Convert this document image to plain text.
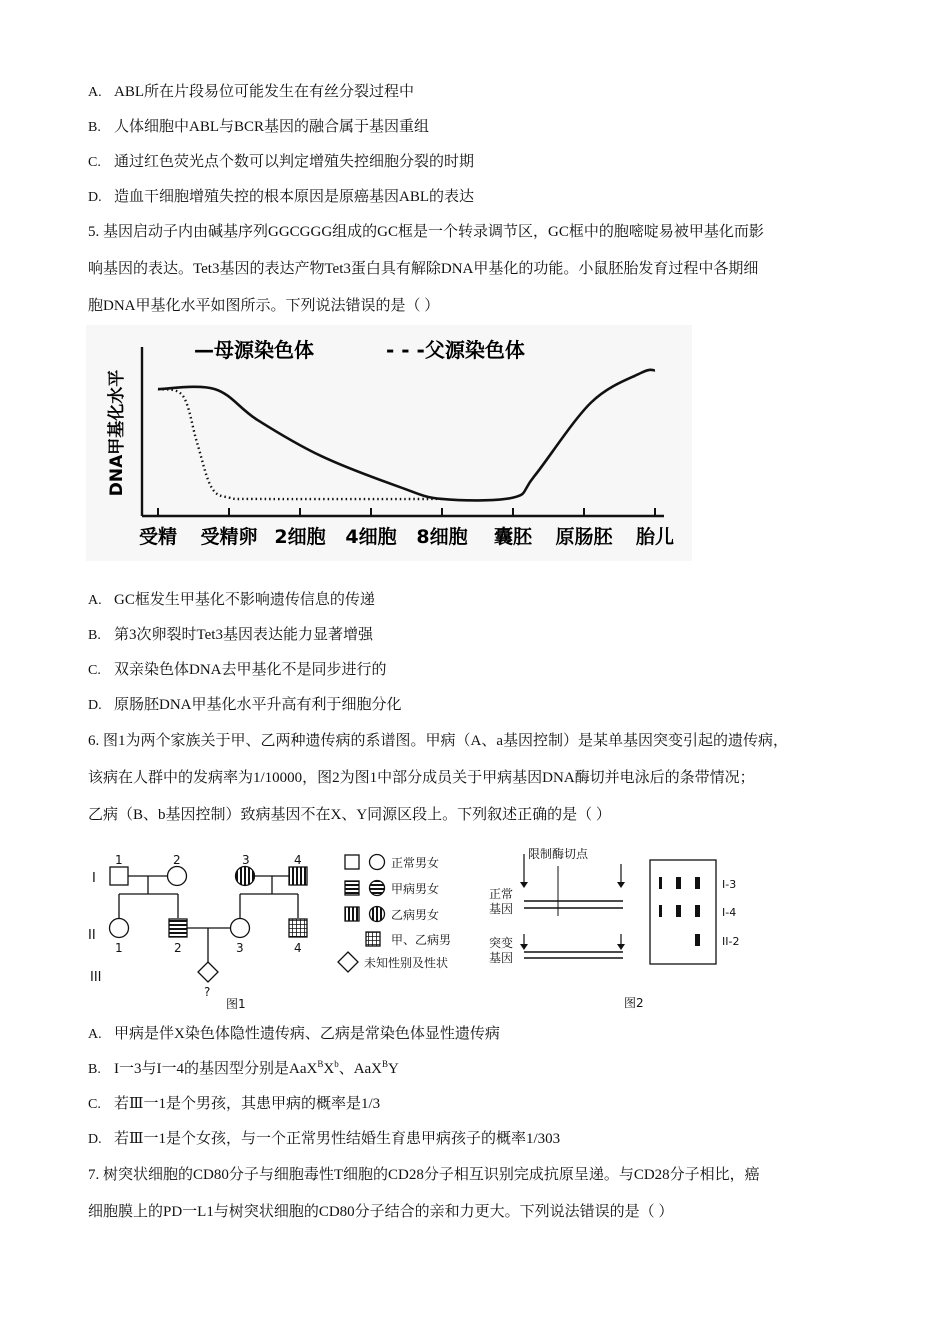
A. ABL所在片段易位可能发生在有丝分裂过程中
B. 人体细胞中ABL与BCR基因的融合属于基因重组
C. 通过红色荧光点个数可以判定增殖失控细胞分裂的时期
D. 造血干细胞增殖失控的根本原因是原癌基因ABL的表达
5. 基因启动子内由碱基序列GGCGGG组成的GC框是一个转录调节区，GC框中的胞嘧啶易被甲基化而影
响基因的表达。Tet3基因的表达产物Tet3蛋白具有解除DNA甲基化的功能。小鼠胚胎发育过程中各期细
胞DNA甲基化水平如图所示。下列说法错误的是（ ）
—母源染色体	- - -父源染色体
DNA甲基化水平
受精 受精卵 2细胞 4细胞 8细胞 囊胚 原肠胚 胎儿
A. GC框发生甲基化不影响遗传信息的传递
B. 第3次卵裂时Tet3基因表达能力显著增强
C. 双亲染色体DNA去甲基化不是同步进行的
D. 原肠胚DNA甲基化水平升高有利于细胞分化
6. 图1为两个家族关于甲、乙两种遗传病的系谱图。甲病（A、a基因控制）是某单基因突变引起的遗传病，
该病在人群中的发病率为1/10000，图2为图1中部分成员关于甲病基因DNA酶切并电泳后的条带情况；
乙病（B、b基因控制）致病基因不在X、Y同源区段上。下列叙述正确的是（ ）
I
II
III
1	2	3	4
1	2	3	4
?
图1
正常男女
甲病男女
乙病男女
甲、乙病男
未知性别及性状
限制酶切点
正常
基因
突变
基因
I-3
I-4
II-2
图2
A. 甲病是伴X染色体隐性遗传病、乙病是常染色体显性遗传病
B. I一3与I一4的基因型分别是$AaX^BX^b$、AaX$^B$Y
C. 若Ⅲ一1是个男孩，其患甲病的概率是1/3
D. 若Ⅲ一1是个女孩，与一个正常男性结婚生育患甲病孩子的概率1/303
7. 树突状细胞的CD80分子与细胞毒性T细胞的CD28分子相互识别完成抗原呈递。与CD28分子相比，癌
细胞膜上的PD一L1与树突状细胞的CD80分子结合的亲和力更大。下列说法错误的是（ ）
